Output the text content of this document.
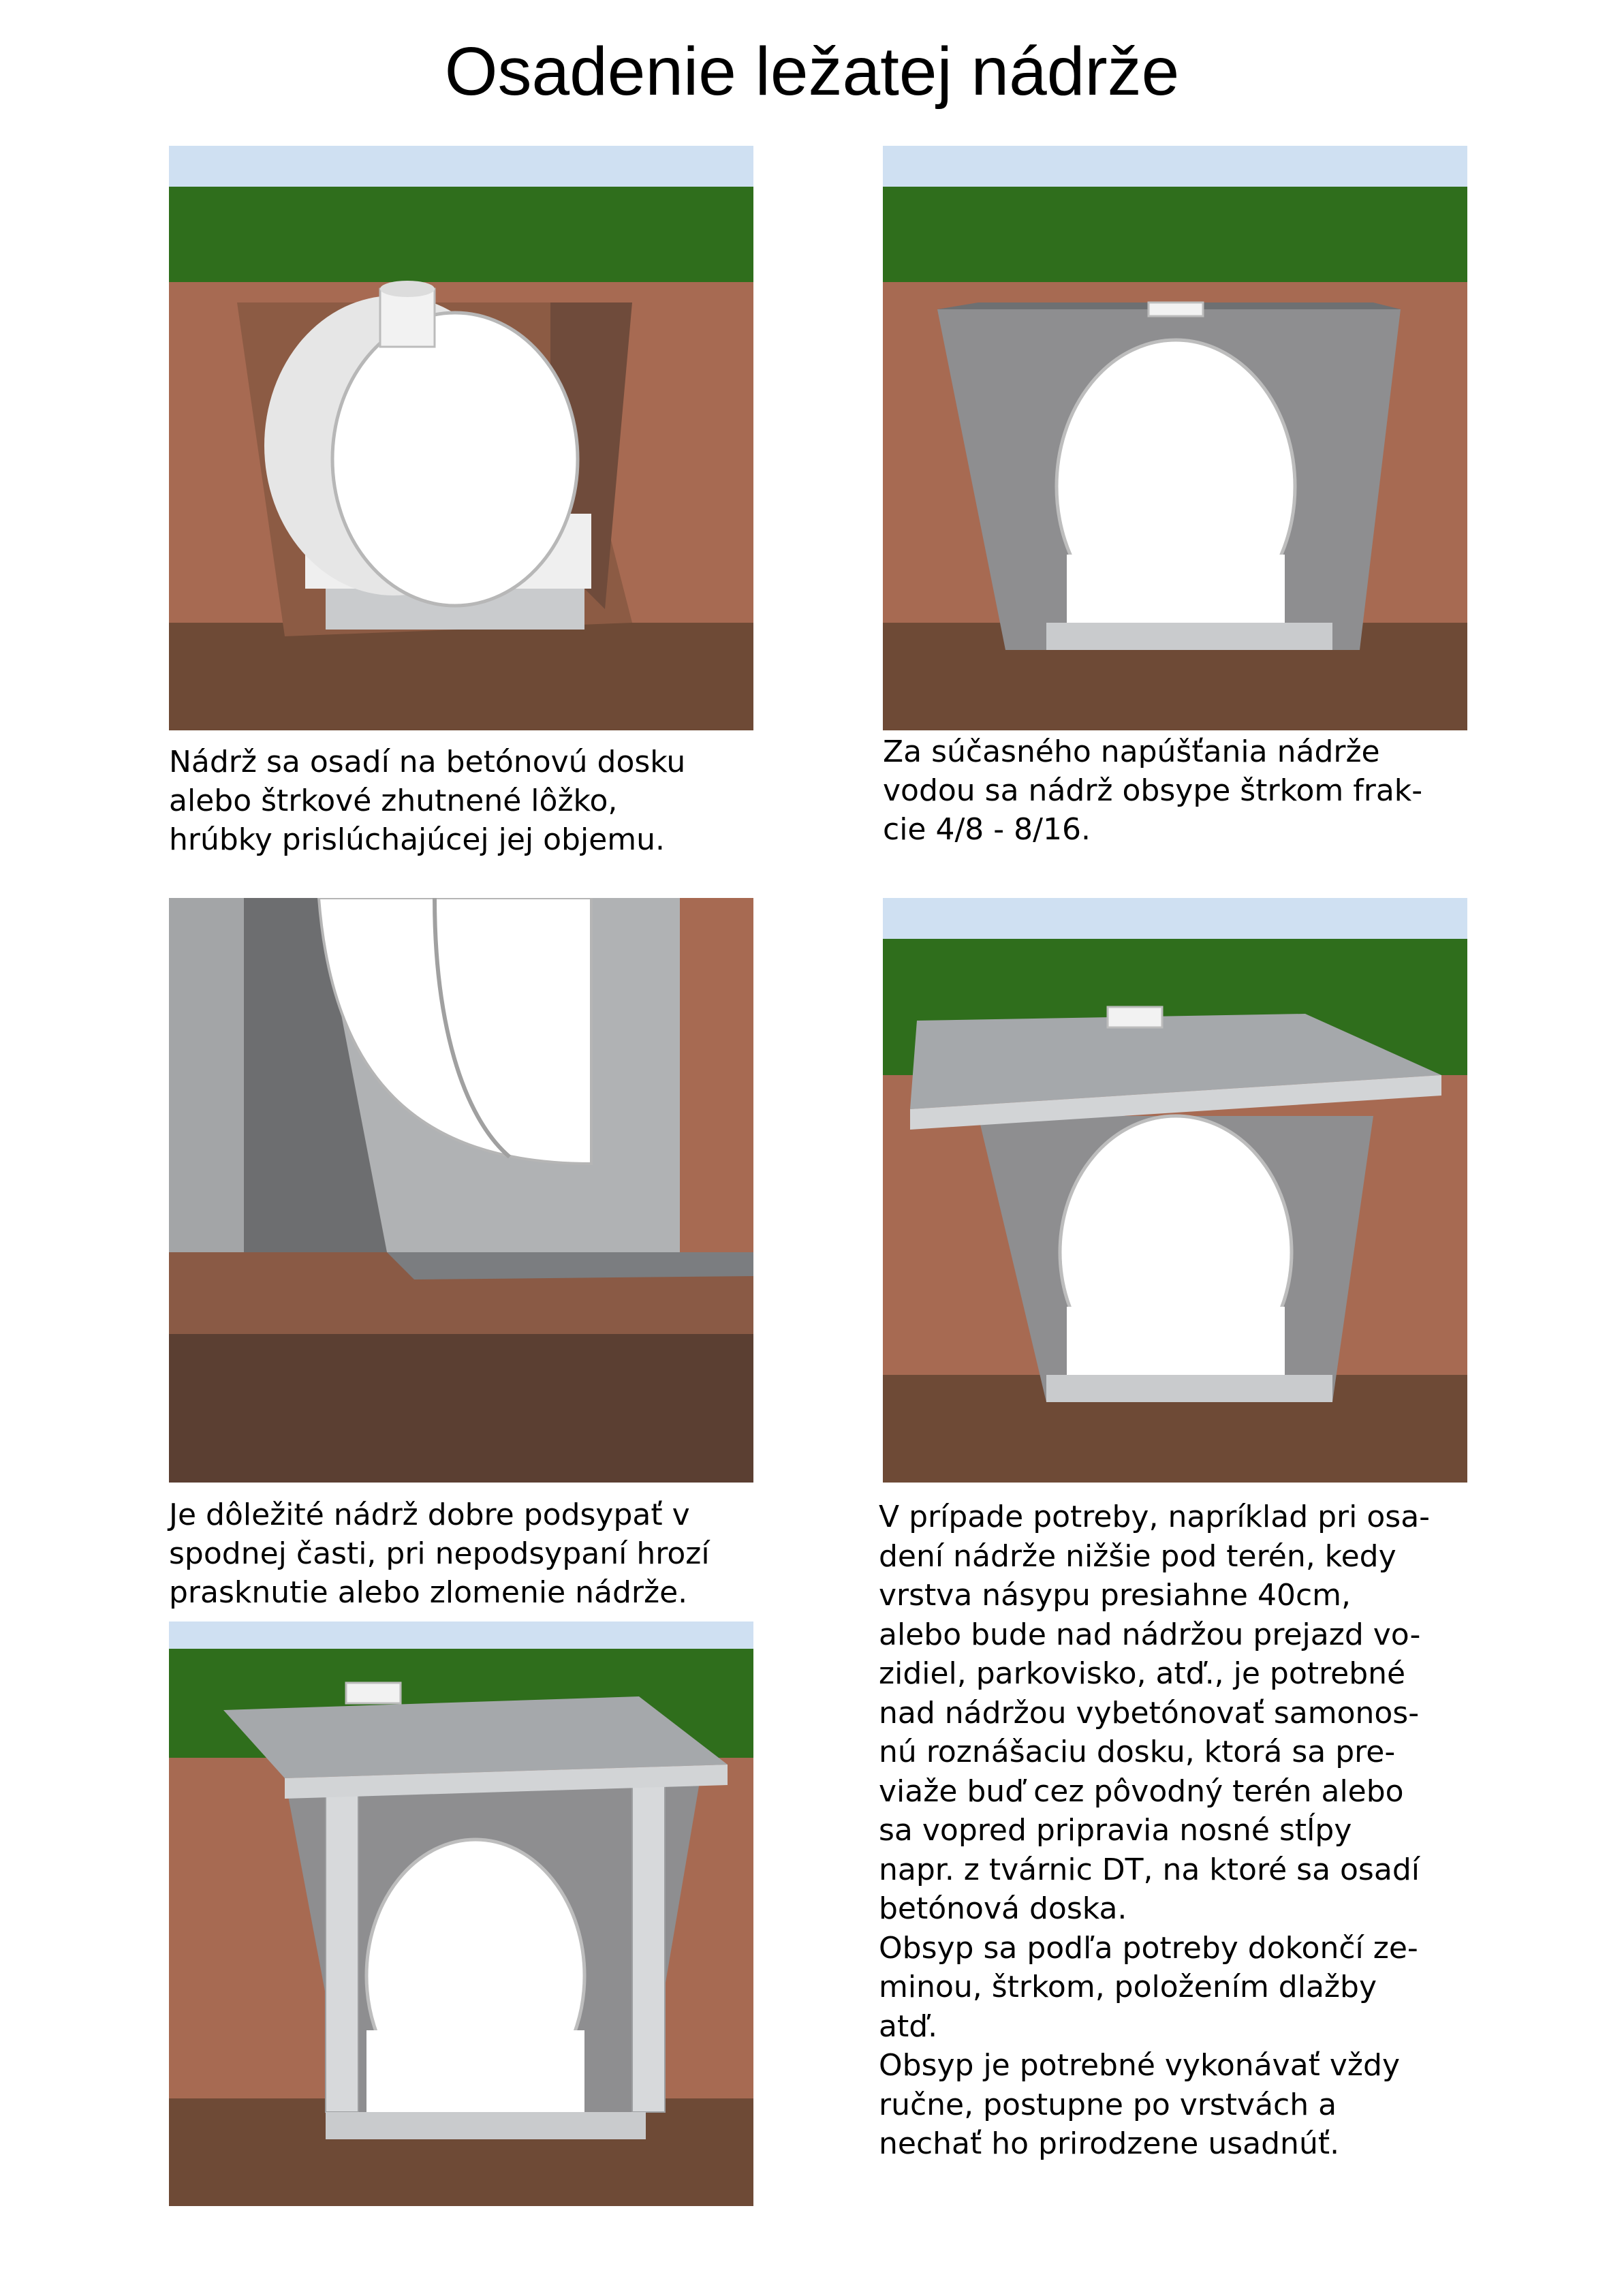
Osadenie ležatej nádrže
Nádrž sa osadí na betónovú dosku
alebo štrkové zhutnené lôžko,
hrúbky prislúchajúcej jej objemu.
Za súčasného napúšťania nádrže
vodou sa nádrž obsype štrkom frak-
cie 4/8 - 8/16.
Je dôležité nádrž dobre podsypať v
spodnej časti, pri nepodsypaní hrozí
prasknutie alebo zlomenie nádrže.
V prípade potreby, napríklad pri osa-
dení nádrže nižšie pod terén, kedy
vrstva násypu presiahne 40cm,
alebo bude nad nádržou prejazd vo-
zidiel, parkovisko, atď., je potrebné
nad nádržou vybetónovať samonos-
nú roznášaciu dosku, ktorá sa pre-
viaže buď cez pôvodný terén alebo
sa vopred pripravia nosné stĺpy
napr. z tvárnic DT, na ktoré sa osadí
betónová doska.
Obsyp sa podľa potreby dokončí ze-
minou, štrkom, položením dlažby
atď.
Obsyp je potrebné vykonávať vždy
ručne, postupne po vrstvách a
nechať ho prirodzene usadnúť.
